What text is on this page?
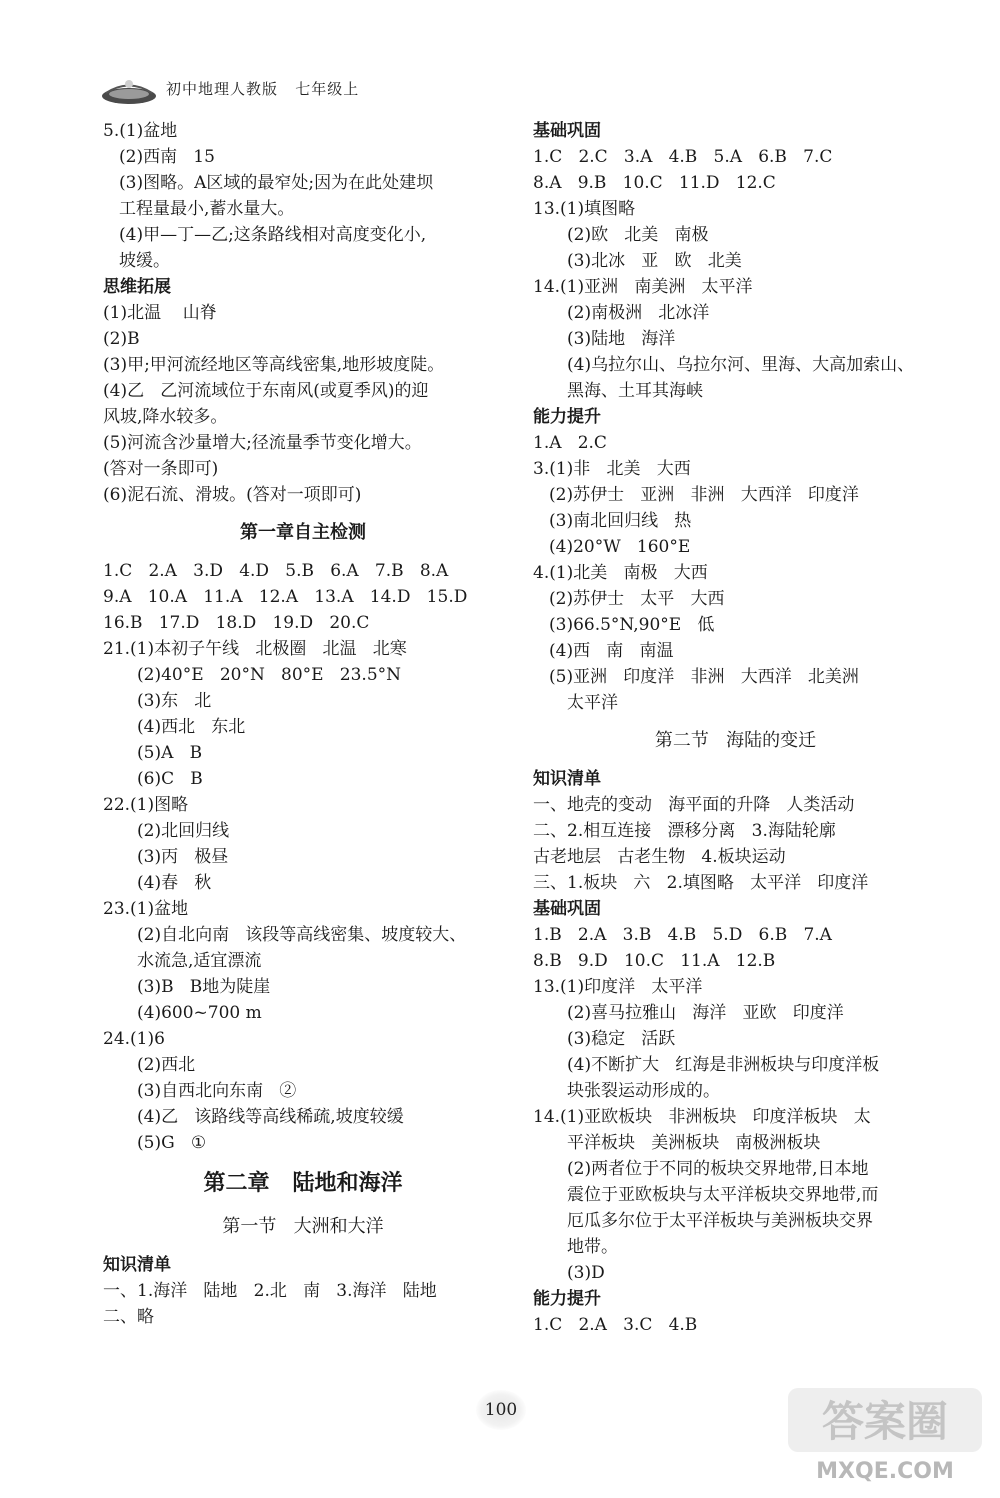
初中地理人教版   七年级上
5.(1)盆地
(2)西南   15
(3)图略。A区域的最窄处;因为在此处建坝
工程量最小,蓄水量大。
(4)甲—丁—乙;这条路线相对高度变化小,
坡缓。
思维拓展
(1)北温    山脊
(2)B
(3)甲;甲河流经地区等高线密集,地形坡度陡。
(4)乙   乙河流域位于东南风(或夏季风)的迎
风坡,降水较多。
(5)河流含沙量增大;径流量季节变化增大。
(答对一条即可)
(6)泥石流、滑坡。(答对一项即可)
第一章自主检测
1.C   2.A   3.D   4.D   5.B   6.A   7.B   8.A
9.A   10.A   11.A   12.A   13.A   14.D   15.D
16.B   17.D   18.D   19.D   20.C
21.(1)本初子午线   北极圈   北温   北寒
(2)40°E   20°N   80°E   23.5°N
(3)东   北
(4)西北   东北
(5)A   B
(6)C   B
22.(1)图略
(2)北回归线
(3)丙   极昼
(4)春   秋
23.(1)盆地
(2)自北向南   该段等高线密集、坡度较大、
水流急,适宜漂流
(3)B   B地为陡崖
(4)600~700 m
24.(1)6
(2)西北
(3)自西北向东南   ②
(4)乙   该路线等高线稀疏,坡度较缓
(5)G   ①
第二章   陆地和海洋
第一节   大洲和大洋
知识清单
一、1.海洋   陆地   2.北   南   3.海洋   陆地
二、略
基础巩固
1.C   2.C   3.A   4.B   5.A   6.B   7.C
8.A   9.B   10.C   11.D   12.C
13.(1)填图略
(2)欧   北美   南极
(3)北冰   亚   欧   北美
14.(1)亚洲   南美洲   太平洋
(2)南极洲   北冰洋
(3)陆地   海洋
(4)乌拉尔山、乌拉尔河、里海、大高加索山、
黑海、土耳其海峡
能力提升
1.A   2.C
3.(1)非   北美   大西
(2)苏伊士   亚洲   非洲   大西洋   印度洋
(3)南北回归线   热
(4)20°W   160°E
4.(1)北美   南极   大西
(2)苏伊士   太平   大西
(3)66.5°N,90°E   低
(4)西   南   南温
(5)亚洲   印度洋   非洲   大西洋   北美洲
太平洋
第二节   海陆的变迁
知识清单
一、地壳的变动   海平面的升降   人类活动
二、2.相互连接   漂移分离   3.海陆轮廓
古老地层   古老生物   4.板块运动
三、1.板块   六   2.填图略   太平洋   印度洋
基础巩固
1.B   2.A   3.B   4.B   5.D   6.B   7.A
8.B   9.D   10.C   11.A   12.B
13.(1)印度洋   太平洋
(2)喜马拉雅山   海洋   亚欧   印度洋
(3)稳定   活跃
(4)不断扩大   红海是非洲板块与印度洋板
块张裂运动形成的。
14.(1)亚欧板块   非洲板块   印度洋板块   太
平洋板块   美洲板块   南极洲板块
(2)两者位于不同的板块交界地带,日本地
震位于亚欧板块与太平洋板块交界地带,而
厄瓜多尔位于太平洋板块与美洲板块交界
地带。
(3)D
能力提升
1.C   2.A   3.C   4.B
100	答案圈
MXQE.COM
